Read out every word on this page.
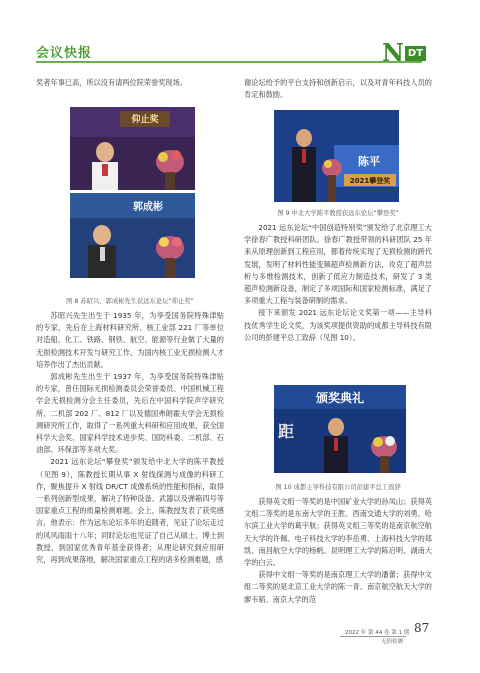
会议快报	N DT

奖者年事已高，所以没有请两位院荣誉奖现场。

仰止奖
郭成彬
图 8 苏昭兴、郭成彬先生获远东论坛“仰止奖”

苏昭兴先生出生于 1935 年，为享受国务院特殊津贴的专家，先后在上海材料研究所、核工业部 221 厂等单位对造船、化工、铁路、钢铁、航空、能源等行业做了大量的无损检测技术开发与研究工作，为国内核工业无损检测人才培养作出了杰出贡献。

郭成彬先生出生于 1937 年，为享受国务院特殊津贴的专家，曾任国际无损检测委员会荣誉委员、中国机械工程学会无损检测分会主任委员，先后在中国科学院声学研究所、二机部 202 厂、812 厂以及德国弗朗霍夫学会无损检测研究所工作，取得了一系列重大科研和应用成果，获全国科学大会奖、国家科学技术进步奖、国防科委、二机部、石油部、环保部等多项大奖。

2021 远东论坛“攀登奖”颁发给中北大学的陈平教授（见图 9），陈教授长期从事 X 射线探测与成像的科研工作，聚焦提升 X 射线 DR/CT 成像系统的性能和指标，取得一系列创新型成果，解决了特种设备、武器以及弹箱四号等国家重点工程的质量检测难题。会上，陈教授发表了获奖感言，他表示：作为远东论坛多年的追随者，见证了论坛走过的风风雨雨十八年；同时论坛也见证了自己从硕士、博士到教授，到国家优秀青年基金获得者；从理论研究到应用研究，再到成果落地，解决国家重点工程的诸多检测难题，感

谢论坛给予的平台支持和创新启示，以及对青年科技人员的肯定和鼓励。

陈平
2021攀登奖
图 9 中北大学陈平教授获远东论坛“攀登奖”

2021 远东论坛“中国创造特别奖”颁发给了北京理工大学徐春广教授科研团队。徐春广教授带领的科研团队 25 年来从原理创新到工程应用，都着传统实现了无损检测的跨代发展，发明了材料性能变频超声检测新方法，攻克了超声层析与多维检测技术，创新了低应力制造技术，研发了 3 类超声检测新设备，制定了多项国际和国家检测标准，满足了多项重大工程与装备研制的需求。

接下来颁发 2021 远东论坛论文奖第一项——主导科技优秀学生论文奖，为该奖项提供资助的成都主导科技有限公司的彭建平总工致辞（见图 10）。

颁奖典礼
距
图 10 成都主导科技有限公司彭建平总工致辞

获得英文组一等奖的是中国矿业大学的孙凤山；获得英文组二等奖的是东南大学的王胜、西南交通大学的刘勇、哈尔滨工业大学的葛宇航；获得英文组三等奖的是南京航空航天大学的许佩、电子科技大学的李岳勇、上海科技大学的郑凯、南昌航空大学的杨帆、昆明理工大学的陈启明、湖南大学的白云。

获得中文组一等奖的是南京理工大学的潘蕾；获得中文组二等奖的是北京工业大学的陈一青、南京航空航天大学的廖韦韬、南京大学的范

2022 年 第 44 卷 第 1 期
无损检测
87
